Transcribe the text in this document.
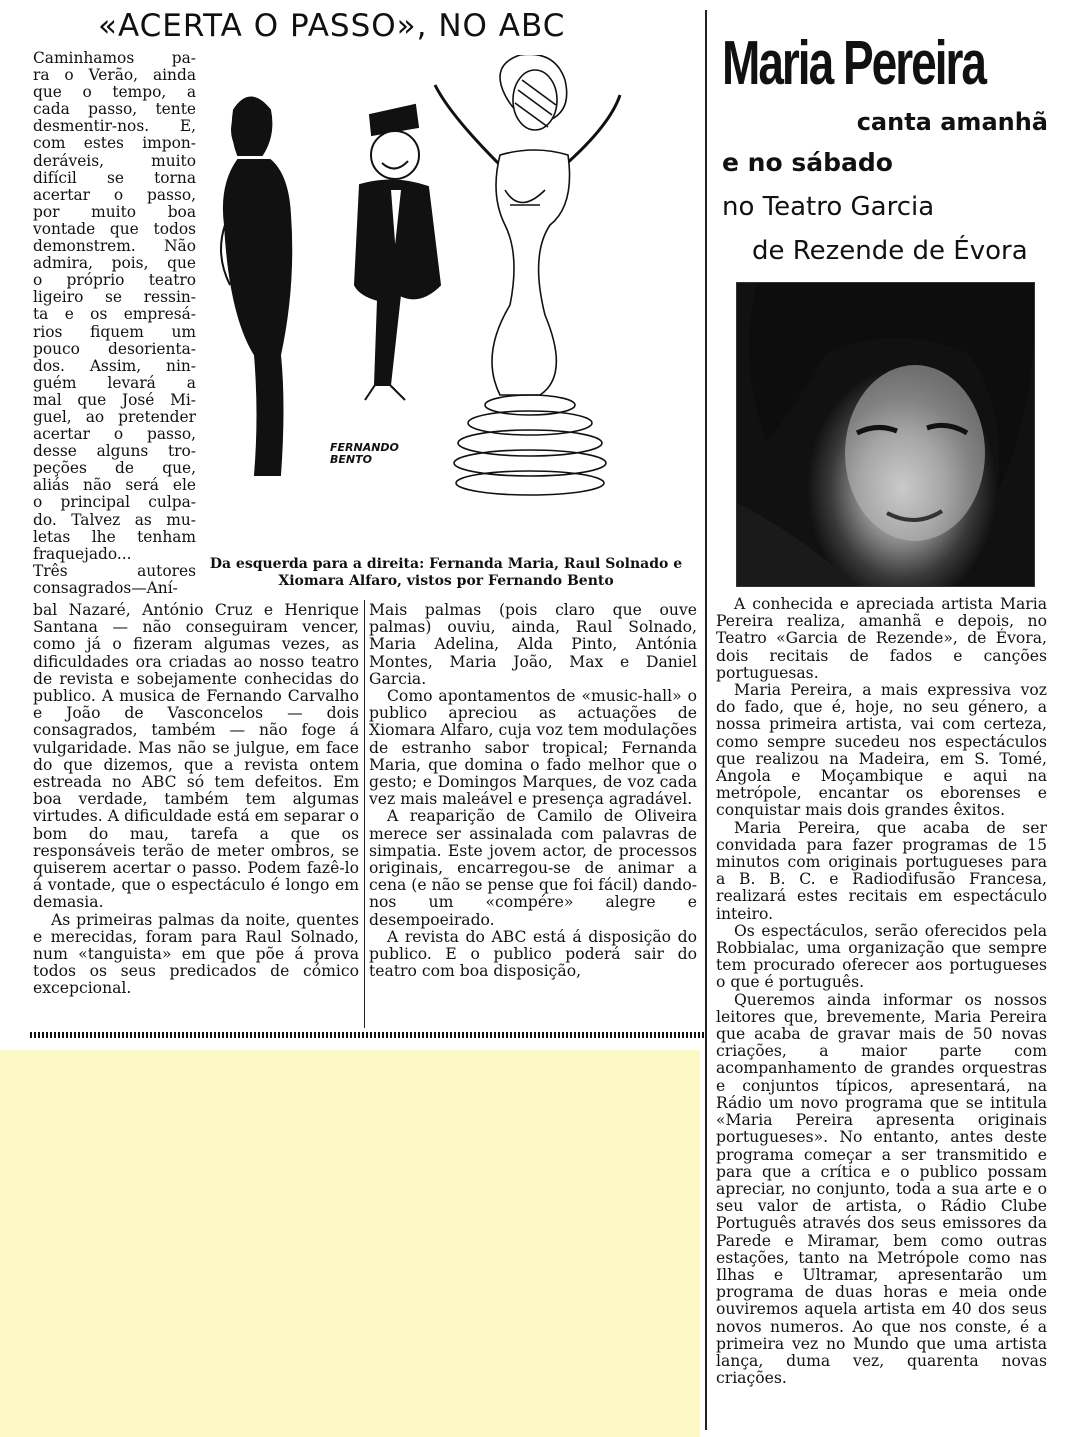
«ACERTA O PASSO», NO ABC
Caminhamos pa-
ra o Verão, ainda
que o tempo, a
cada passo, tente
desmentir-nos. E,
com estes impon-
deráveis, muito
difícil se torna
acertar o passo,
por muito boa
vontade que todos
demonstrem. Não
admira, pois, que
o próprio teatro
ligeiro se ressin-
ta e os empresá-
rios fiquem um
pouco desorienta-
dos. Assim, nin-
guém levará a
mal que José Mi-
guel, ao pretender
acertar o passo,
desse alguns tro-
peções de que,
aliás não será ele
o principal culpa-
do. Talvez as mu-
letas lhe tenham
fraquejado...
Três autores
consagrados—Aní-
FERNANDO BENTO
Da esquerda para a direita: Fernanda Maria, Raul Solnado e Xiomara Alfaro, vistos por Fernando Bento

bal Nazaré, António Cruz e Henrique Santana — não conseguiram vencer, como já o fizeram algumas vezes, as dificuldades ora criadas ao nosso teatro de revista e sobejamente conhecidas do publico. A musica de Fernando Carvalho e João de Vasconcelos — dois consagrados, também — não foge á vulgaridade. Mas não se julgue, em face do que dizemos, que a revista ontem estreada no ABC só tem defeitos. Em boa verdade, também tem algumas virtudes. A dificuldade está em separar o bom do mau, tarefa a que os responsáveis terão de meter ombros, se quiserem acertar o passo. Podem fazê-lo á vontade, que o espectáculo é longo em demasia.

As primeiras palmas da noite, quentes e merecidas, foram para Raul Solnado, num «tanguista» em que põe á prova todos os seus predicados de cómico excepcional.

Mais palmas (pois claro que ouve palmas) ouviu, ainda, Raul Solnado, Maria Adelina, Alda Pinto, Antónia Montes, Maria João, Max e Daniel Garcia.

Como apontamentos de «music-hall» o publico apreciou as actuações de Xiomara Alfaro, cuja voz tem modulações de estranho sabor tropical; Fernanda Maria, que domina o fado melhor que o gesto; e Domingos Marques, de voz cada vez mais maleável e presença agradável.

A reaparição de Camilo de Oliveira merece ser assinalada com palavras de simpatia. Este jovem actor, de processos originais, encarregou-se de animar a cena (e não se pense que foi fácil) dando-nos um «compére» alegre e desempoeirado.

A revista do ABC está á disposição do publico. E o publico poderá sair do teatro com boa disposição,

Maria Pereira
canta amanhã
e no sábado
no Teatro Garcia
de Rezende de Évora

A conhecida e apreciada artista Maria Pereira realiza, amanhã e depois, no Teatro «Garcia de Rezende», de Évora, dois recitais de fados e canções portuguesas.

Maria Pereira, a mais expressiva voz do fado, que é, hoje, no seu género, a nossa primeira artista, vai com certeza, como sempre sucedeu nos espectáculos que realizou na Madeira, em S. Tomé, Angola e Moçambique e aqui na metrópole, encantar os eborenses e conquistar mais dois grandes êxitos.

Maria Pereira, que acaba de ser convidada para fazer programas de 15 minutos com originais portugueses para a B. B. C. e Radiodifusão Francesa, realizará estes recitais em espectáculo inteiro.

Os espectáculos, serão oferecidos pela Robbialac, uma organização que sempre tem procurado oferecer aos portugueses o que é português.

Queremos ainda informar os nossos leitores que, brevemente, Maria Pereira que acaba de gravar mais de 50 novas criações, a maior parte com acompanhamento de grandes orquestras e conjuntos típicos, apresentará, na Rádio um novo programa que se intitula «Maria Pereira apresenta originais portugueses». No entanto, antes deste programa começar a ser transmitido e para que a crítica e o publico possam apreciar, no conjunto, toda a sua arte e o seu valor de artista, o Rádio Clube Português através dos seus emissores da Parede e Miramar, bem como outras estações, tanto na Metrópole como nas Ilhas e Ultramar, apresentarão um programa de duas horas e meia onde ouviremos aquela artista em 40 dos seus novos numeros. Ao que nos conste, é a primeira vez no Mundo que uma artista lança, duma vez, quarenta novas criações.
